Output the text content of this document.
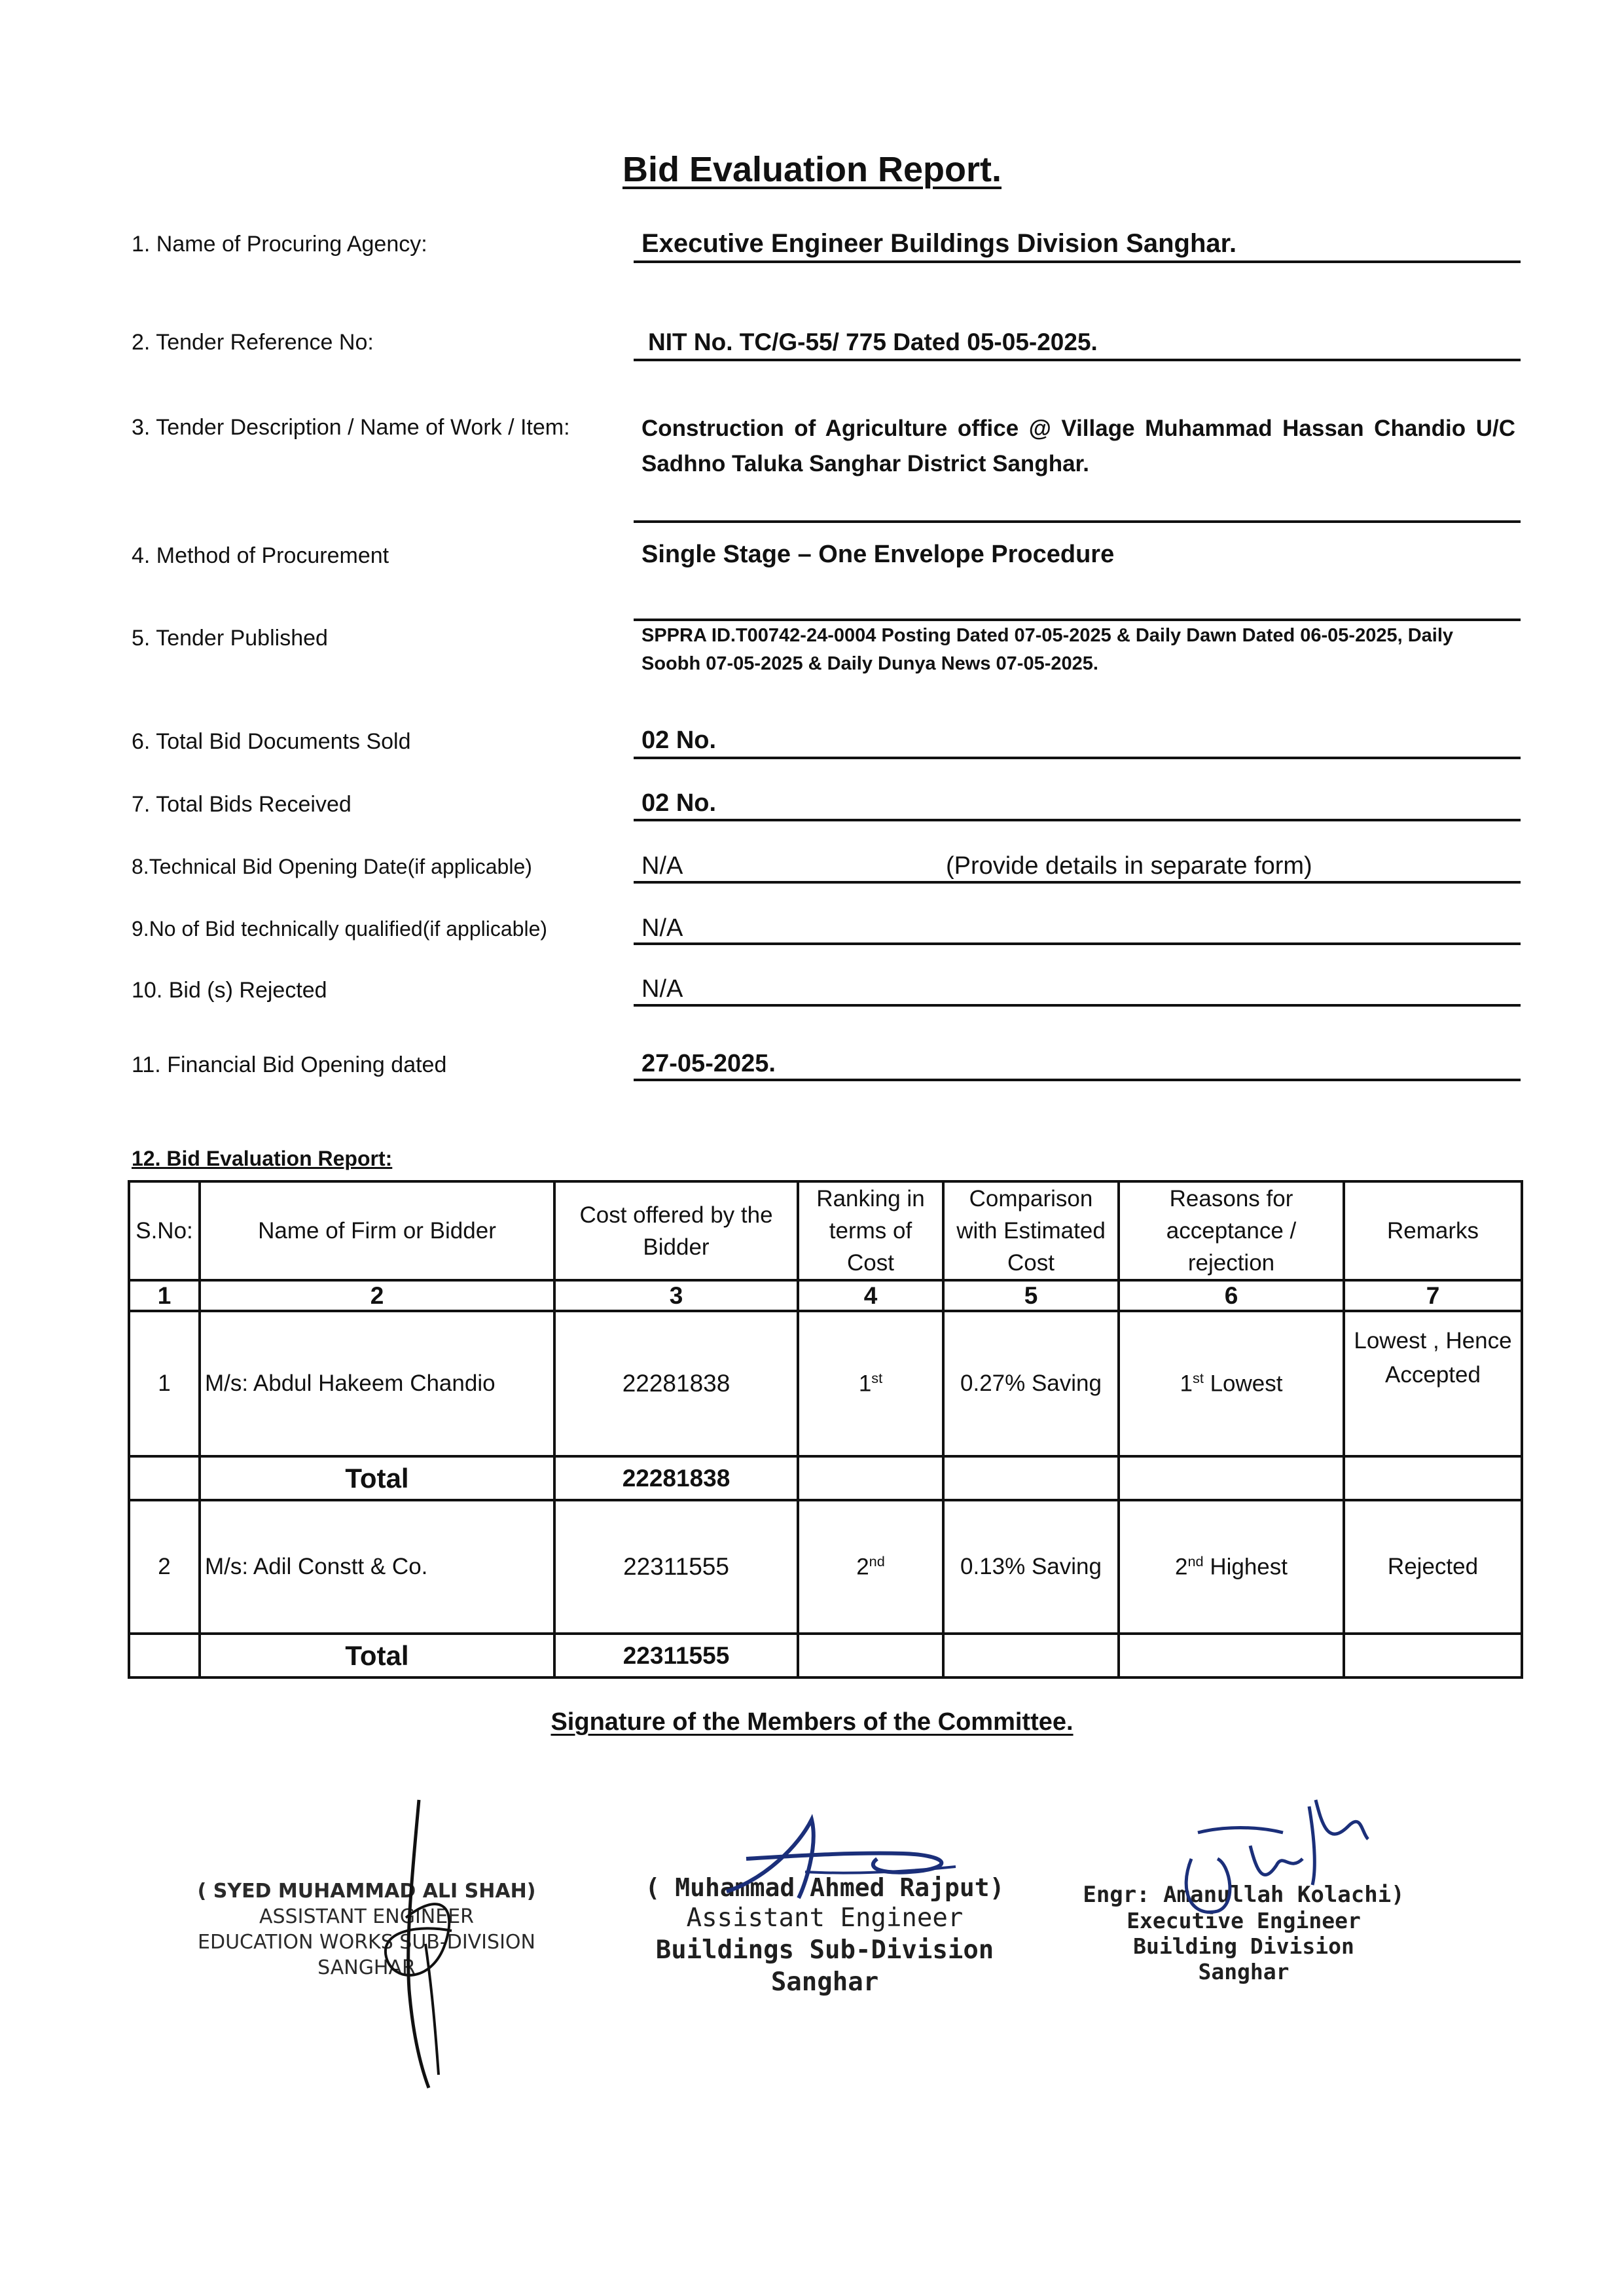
Bid Evaluation Report.
1. Name of Procuring Agency:	Executive Engineer Buildings Division Sanghar.
2. Tender Reference No:	NIT No. TC/G-55/ 775 Dated 05-05-2025.
3. Tender Description / Name of Work / Item:	Construction of Agriculture office @ Village Muhammad Hassan Chandio U/C Sadhno Taluka Sanghar District Sanghar.
4. Method of Procurement	Single Stage – One Envelope Procedure
5. Tender Published	SPPRA ID.T00742-24-0004 Posting Dated 07-05-2025 & Daily Dawn Dated 06-05-2025, Daily Soobh 07-05-2025 & Daily Dunya News 07-05-2025.
6. Total Bid Documents Sold	02 No.
7. Total Bids Received	02 No.
8.Technical Bid Opening Date(if applicable)	N/A	(Provide details in separate form)
9.No of Bid technically qualified(if applicable)	N/A
10. Bid (s) Rejected	N/A
11. Financial Bid Opening dated	27-05-2025.
12. Bid Evaluation Report:
S.No:	Name of Firm or Bidder	Cost offered by the Bidder	Ranking in terms of Cost	Comparison with Estimated Cost	Reasons for acceptance / rejection	Remarks
1	2	3	4	5	6	7
1	M/s: Abdul Hakeem Chandio	22281838	1st	0.27% Saving	1st Lowest	Lowest , Hence Accepted
	Total	22281838				
2	M/s: Adil Constt & Co.	22311555	2nd	0.13% Saving	2nd Highest	Rejected
	Total	22311555				
Signature of the Members of the Committee.
( SYED MUHAMMAD ALI SHAH)
ASSISTANT ENGINEER
EDUCATION WORKS SUB-DIVISION
SANGHAR
( Muhammad Ahmed Rajput)
Assistant Engineer
Buildings Sub-Division
Sanghar
Engr: Amanullah Kolachi)
Executive Engineer
Building Division
Sanghar
